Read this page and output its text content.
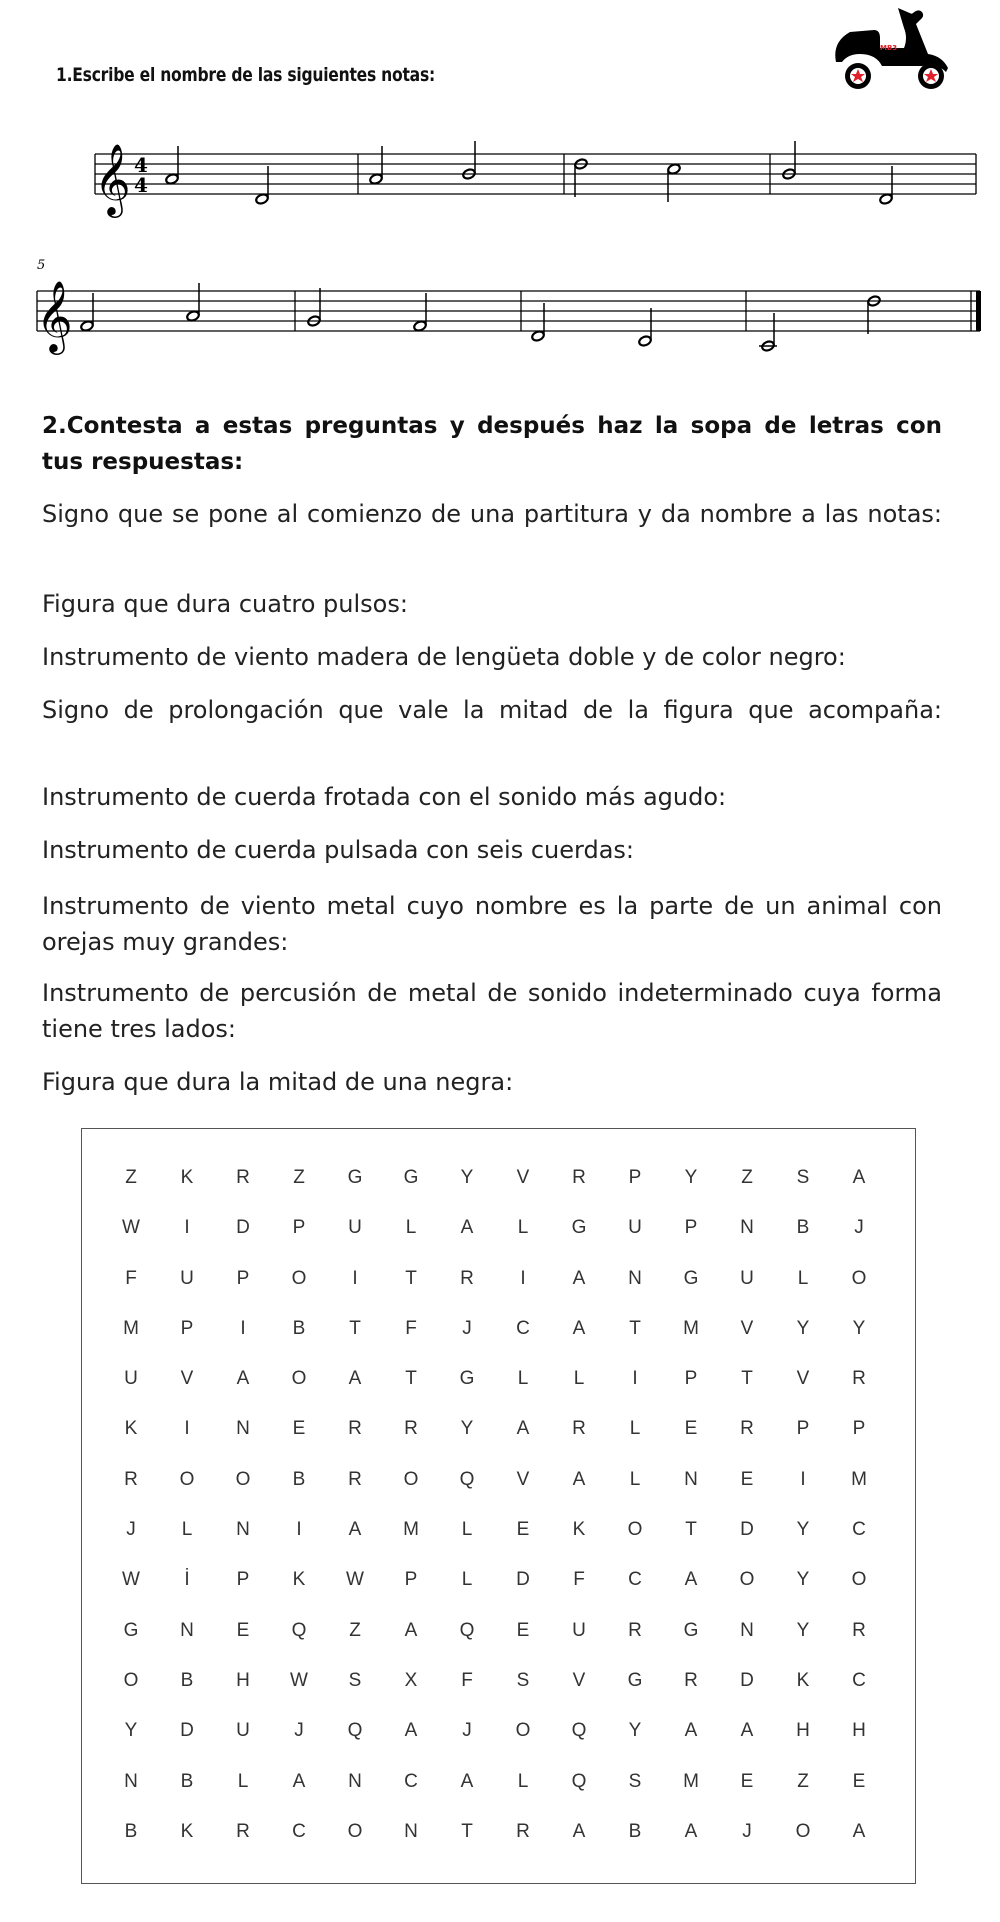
1.Escribe el nombre de las siguientes notas:
MB3
𝄞 4
4
5
𝄞
2.Contesta a estas preguntas y después haz la sopa de letras con tus respuestas:
Signo que se pone al comienzo de una partitura y da nombre a las notas:
Figura que dura cuatro pulsos:
Instrumento de viento madera de lengüeta doble y de color negro:
Signo de prolongación que vale la mitad de la figura que acompaña:
Instrumento de cuerda frotada con el sonido más agudo:
Instrumento de cuerda pulsada con seis cuerdas:
Instrumento de viento metal cuyo nombre es la parte de un animal con orejas muy grandes:
Instrumento de percusión de metal de sonido indeterminado cuya forma tiene tres lados:
Figura que dura la mitad de una negra:
Z	K	R	Z	G	G	Y	V	R	P	Y	Z	S	A
W	I	D	P	U	L	A	L	G	U	P	N	B	J
F	U	P	O	I	T	R	I	A	N	G	U	L	O
M	P	I	B	T	F	J	C	A	T	M	V	Y	Y
U	V	A	O	A	T	G	L	L	I	P	T	V	R
K	I	N	E	R	R	Y	A	R	L	E	R	P	P
R	O	O	B	R	O	Q	V	A	L	N	E	I	M
J	L	N	I	A	M	L	E	K	O	T	D	Y	C
W	İ	P	K	W	P	L	D	F	C	A	O	Y	O
G	N	E	Q	Z	A	Q	E	U	R	G	N	Y	R
O	B	H	W	S	X	F	S	V	G	R	D	K	C
Y	D	U	J	Q	A	J	O	Q	Y	A	A	H	H
N	B	L	A	N	C	A	L	Q	S	M	E	Z	E
B	K	R	C	O	N	T	R	A	B	A	J	O	A
